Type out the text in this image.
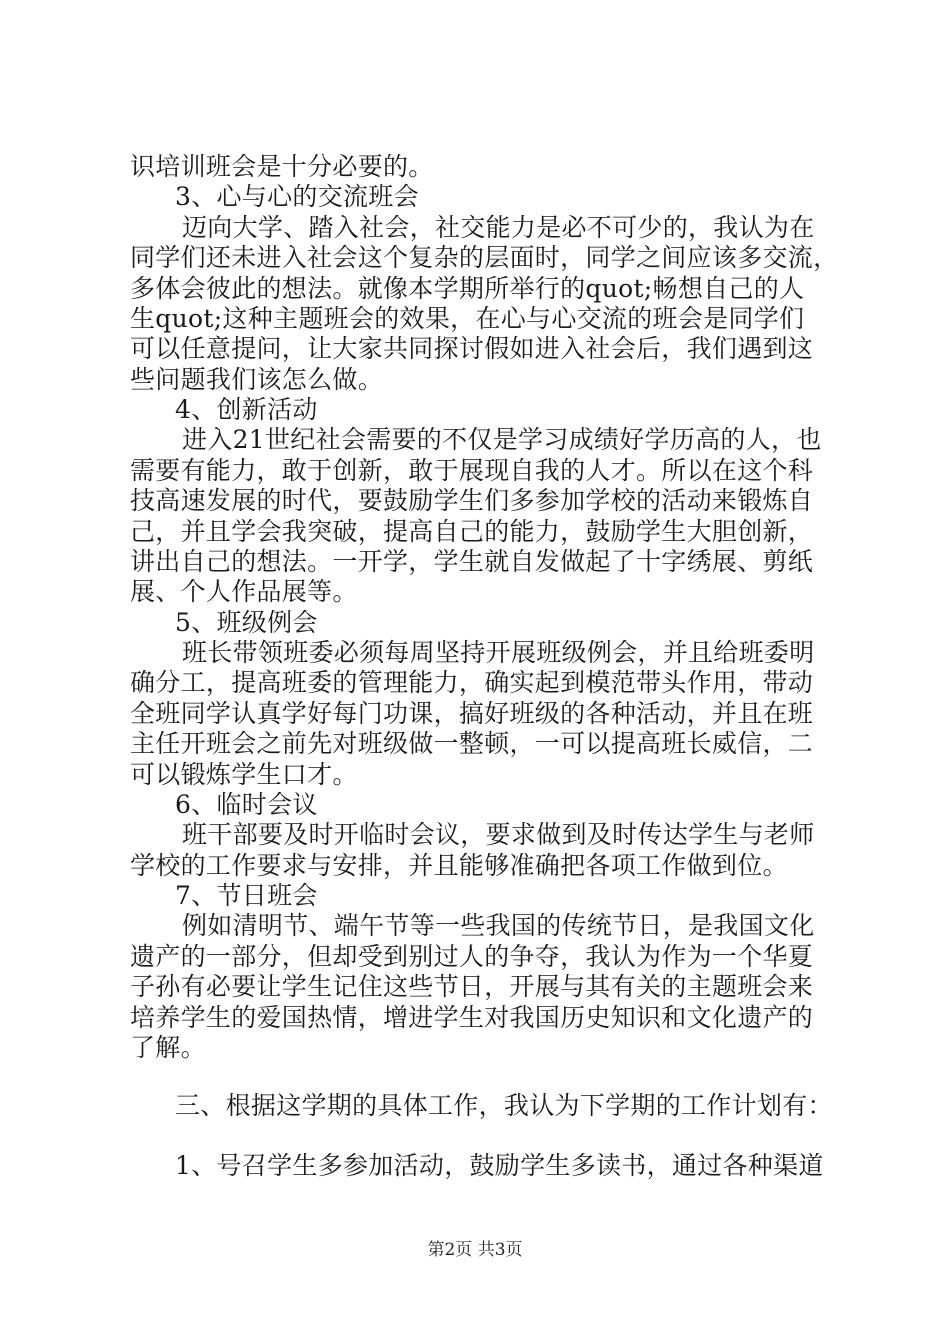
识培训班会是十分必要的。
3、心与心的交流班会
迈向大学、踏入社会，社交能力是必不可少的，我认为在
同学们还未进入社会这个复杂的层面时，同学之间应该多交流，
多体会彼此的想法。就像本学期所举行的quot;畅想自己的人
生quot;这种主题班会的效果，在心与心交流的班会是同学们
可以任意提问，让大家共同探讨假如进入社会后，我们遇到这
些问题我们该怎么做。
4、创新活动
进入21世纪社会需要的不仅是学习成绩好学历高的人，也
需要有能力，敢于创新，敢于展现自我的人才。所以在这个科
技高速发展的时代，要鼓励学生们多参加学校的活动来锻炼自
己，并且学会我突破，提高自己的能力，鼓励学生大胆创新，
讲出自己的想法。一开学，学生就自发做起了十字绣展、剪纸
展、个人作品展等。
5、班级例会
班长带领班委必须每周坚持开展班级例会，并且给班委明
确分工，提高班委的管理能力，确实起到模范带头作用，带动
全班同学认真学好每门功课，搞好班级的各种活动，并且在班
主任开班会之前先对班级做一整顿，一可以提高班长威信，二
可以锻炼学生口才。
6、临时会议
班干部要及时开临时会议，要求做到及时传达学生与老师
学校的工作要求与安排，并且能够准确把各项工作做到位。
7、节日班会
例如清明节、端午节等一些我国的传统节日，是我国文化
遗产的一部分，但却受到别过人的争夺，我认为作为一个华夏
子孙有必要让学生记住这些节日，开展与其有关的主题班会来
培养学生的爱国热情，增进学生对我国历史知识和文化遗产的
了解。
三、根据这学期的具体工作，我认为下学期的工作计划有：
1、号召学生多参加活动，鼓励学生多读书，通过各种渠道
第2页 共3页
